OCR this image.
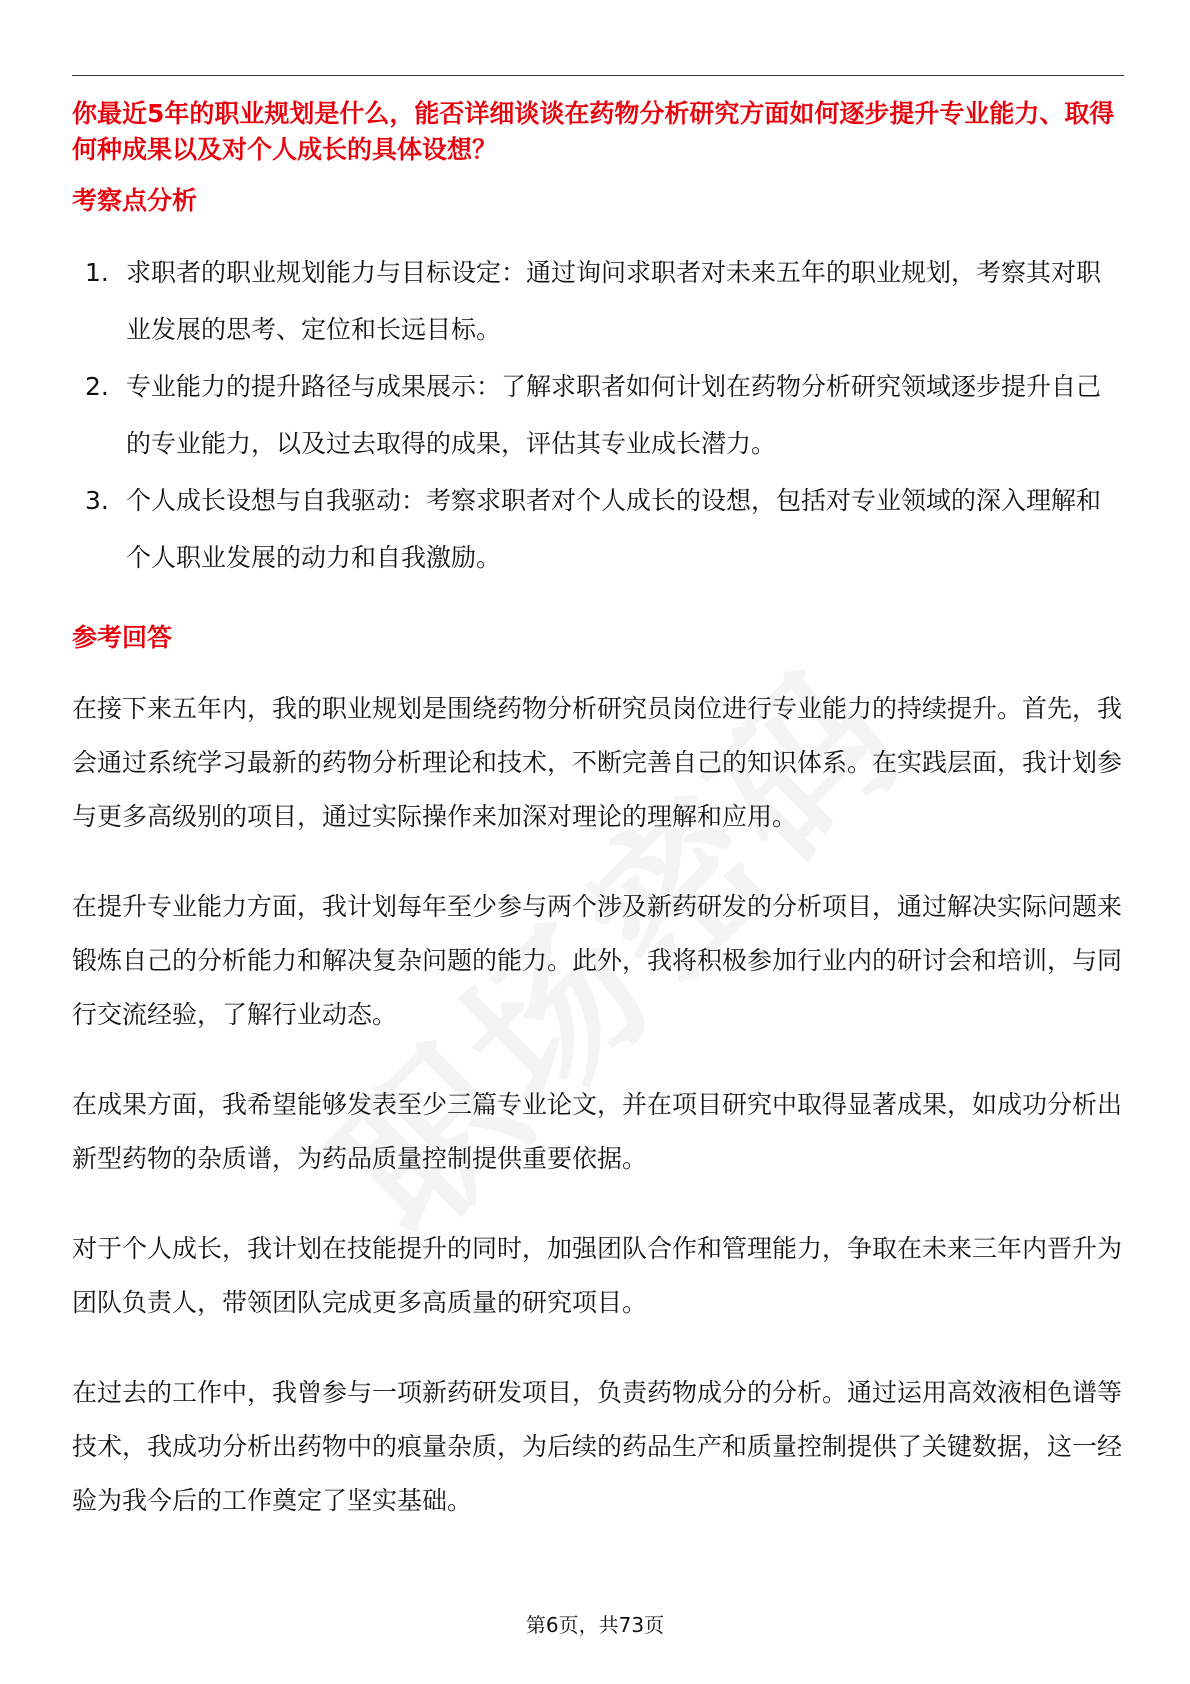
你最近5年的职业规划是什么，能否详细谈谈在药物分析研究方面如何逐步提升专业能力、取得何种成果以及对个人成长的具体设想？

考察点分析
1. 求职者的职业规划能力与目标设定：通过询问求职者对未来五年的职业规划，考察其对职业发展的思考、定位和长远目标。
2. 专业能力的提升路径与成果展示：了解求职者如何计划在药物分析研究领域逐步提升自己的专业能力，以及过去取得的成果，评估其专业成长潜力。
3. 个人成长设想与自我驱动：考察求职者对个人成长的设想，包括对专业领域的深入理解和个人职业发展的动力和自我激励。
参考回答

在接下来五年内，我的职业规划是围绕药物分析研究员岗位进行专业能力的持续提升。首先，我会通过系统学习最新的药物分析理论和技术，不断完善自己的知识体系。在实践层面，我计划参与更多高级别的项目，通过实际操作来加深对理论的理解和应用。

在提升专业能力方面，我计划每年至少参与两个涉及新药研发的分析项目，通过解决实际问题来锻炼自己的分析能力和解决复杂问题的能力。此外，我将积极参加行业内的研讨会和培训，与同行交流经验，了解行业动态。

在成果方面，我希望能够发表至少三篇专业论文，并在项目研究中取得显著成果，如成功分析出新型药物的杂质谱，为药品质量控制提供重要依据。

对于个人成长，我计划在技能提升的同时，加强团队合作和管理能力，争取在未来三年内晋升为团队负责人，带领团队完成更多高质量的研究项目。

在过去的工作中，我曾参与一项新药研发项目，负责药物成分的分析。通过运用高效液相色谱等技术，我成功分析出药物中的痕量杂质，为后续的药品生产和质量控制提供了关键数据，这一经验为我今后的工作奠定了坚实基础。

第6页，共73页
